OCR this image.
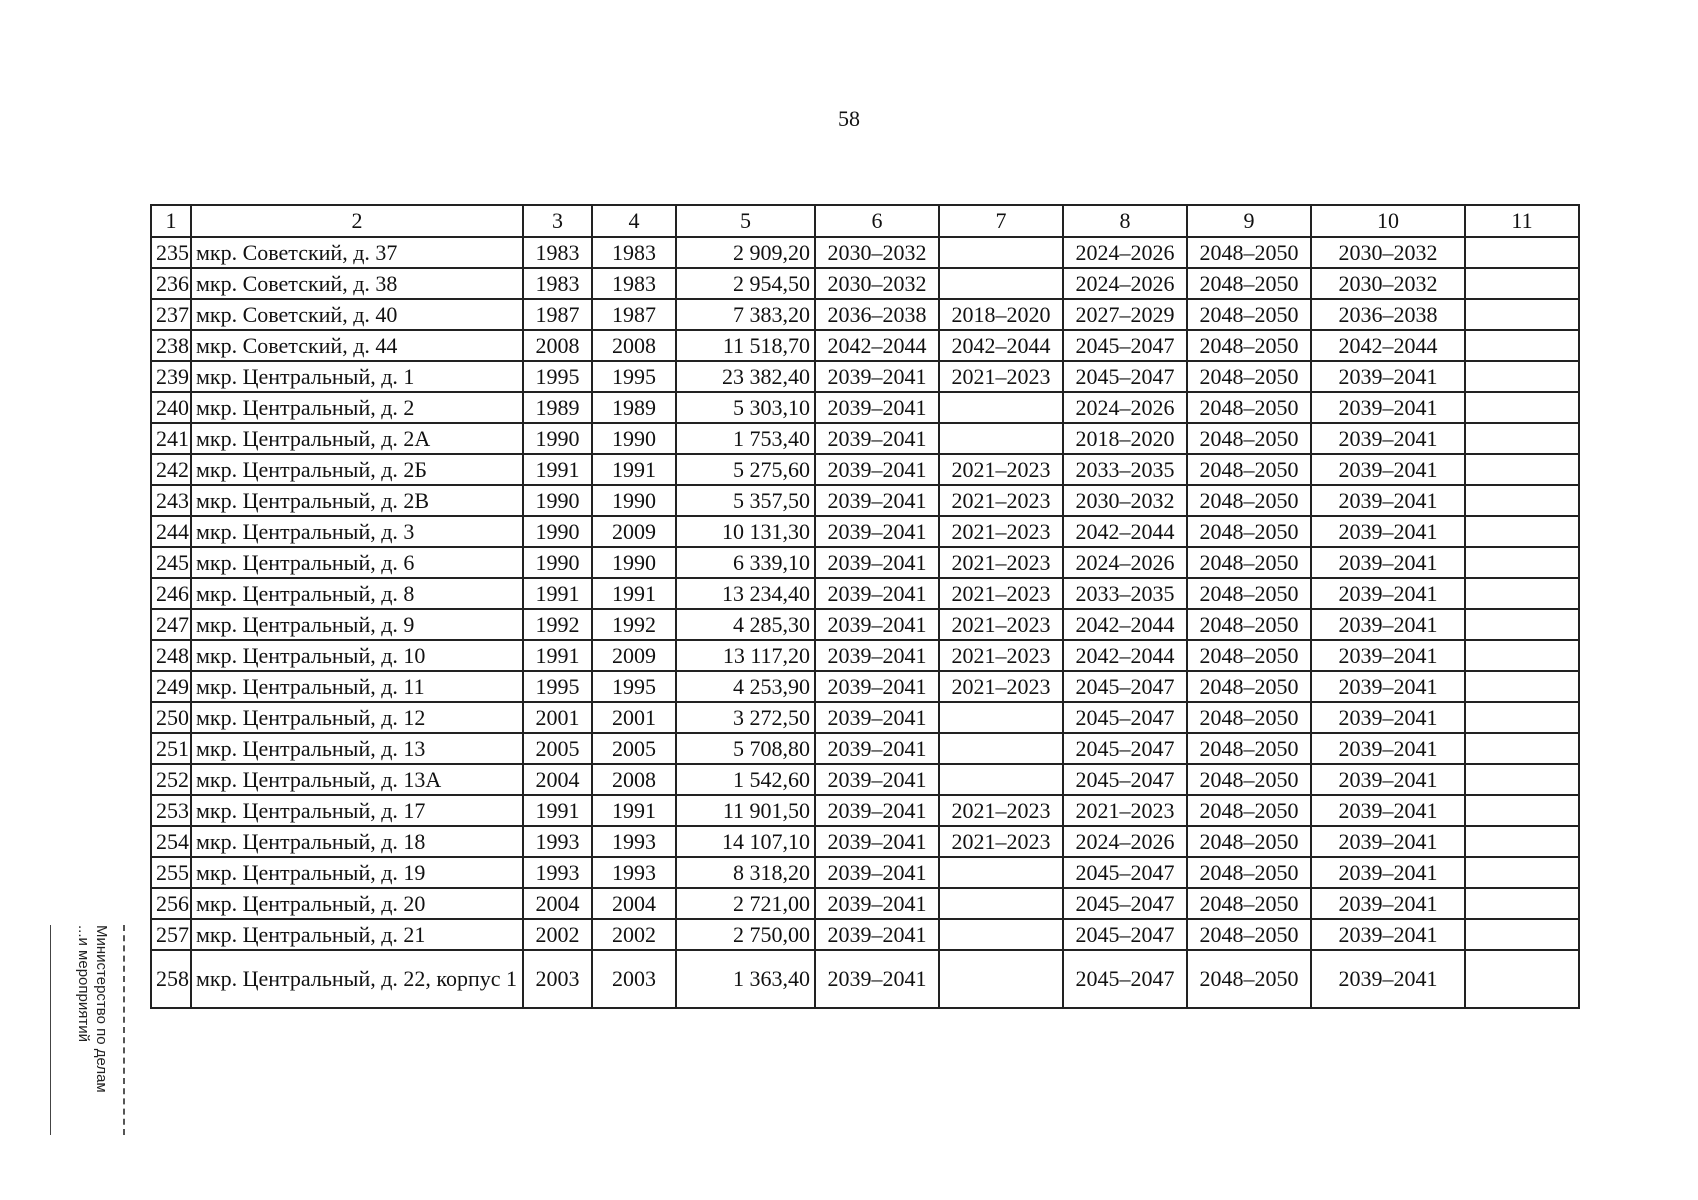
58
1	2	3	4	5	6	7	8	9	10	11
235	мкр. Советский, д. 37	1983	1983	2 909,20	2030–2032		2024–2026	2048–2050	2030–2032	
236	мкр. Советский, д. 38	1983	1983	2 954,50	2030–2032		2024–2026	2048–2050	2030–2032	
237	мкр. Советский, д. 40	1987	1987	7 383,20	2036–2038	2018–2020	2027–2029	2048–2050	2036–2038	
238	мкр. Советский, д. 44	2008	2008	11 518,70	2042–2044	2042–2044	2045–2047	2048–2050	2042–2044	
239	мкр. Центральный, д. 1	1995	1995	23 382,40	2039–2041	2021–2023	2045–2047	2048–2050	2039–2041	
240	мкр. Центральный, д. 2	1989	1989	5 303,10	2039–2041		2024–2026	2048–2050	2039–2041	
241	мкр. Центральный, д. 2А	1990	1990	1 753,40	2039–2041		2018–2020	2048–2050	2039–2041	
242	мкр. Центральный, д. 2Б	1991	1991	5 275,60	2039–2041	2021–2023	2033–2035	2048–2050	2039–2041	
243	мкр. Центральный, д. 2В	1990	1990	5 357,50	2039–2041	2021–2023	2030–2032	2048–2050	2039–2041	
244	мкр. Центральный, д. 3	1990	2009	10 131,30	2039–2041	2021–2023	2042–2044	2048–2050	2039–2041	
245	мкр. Центральный, д. 6	1990	1990	6 339,10	2039–2041	2021–2023	2024–2026	2048–2050	2039–2041	
246	мкр. Центральный, д. 8	1991	1991	13 234,40	2039–2041	2021–2023	2033–2035	2048–2050	2039–2041	
247	мкр. Центральный, д. 9	1992	1992	4 285,30	2039–2041	2021–2023	2042–2044	2048–2050	2039–2041	
248	мкр. Центральный, д. 10	1991	2009	13 117,20	2039–2041	2021–2023	2042–2044	2048–2050	2039–2041	
249	мкр. Центральный, д. 11	1995	1995	4 253,90	2039–2041	2021–2023	2045–2047	2048–2050	2039–2041	
250	мкр. Центральный, д. 12	2001	2001	3 272,50	2039–2041		2045–2047	2048–2050	2039–2041	
251	мкр. Центральный, д. 13	2005	2005	5 708,80	2039–2041		2045–2047	2048–2050	2039–2041	
252	мкр. Центральный, д. 13А	2004	2008	1 542,60	2039–2041		2045–2047	2048–2050	2039–2041	
253	мкр. Центральный, д. 17	1991	1991	11 901,50	2039–2041	2021–2023	2021–2023	2048–2050	2039–2041	
254	мкр. Центральный, д. 18	1993	1993	14 107,10	2039–2041	2021–2023	2024–2026	2048–2050	2039–2041	
255	мкр. Центральный, д. 19	1993	1993	8 318,20	2039–2041		2045–2047	2048–2050	2039–2041	
256	мкр. Центральный, д. 20	2004	2004	2 721,00	2039–2041		2045–2047	2048–2050	2039–2041	
257	мкр. Центральный, д. 21	2002	2002	2 750,00	2039–2041		2045–2047	2048–2050	2039–2041	
258	мкр. Центральный, д. 22, корпус 1	2003	2003	1 363,40	2039–2041		2045–2047	2048–2050	2039–2041	
Министерство по делам
...и мероприятий
